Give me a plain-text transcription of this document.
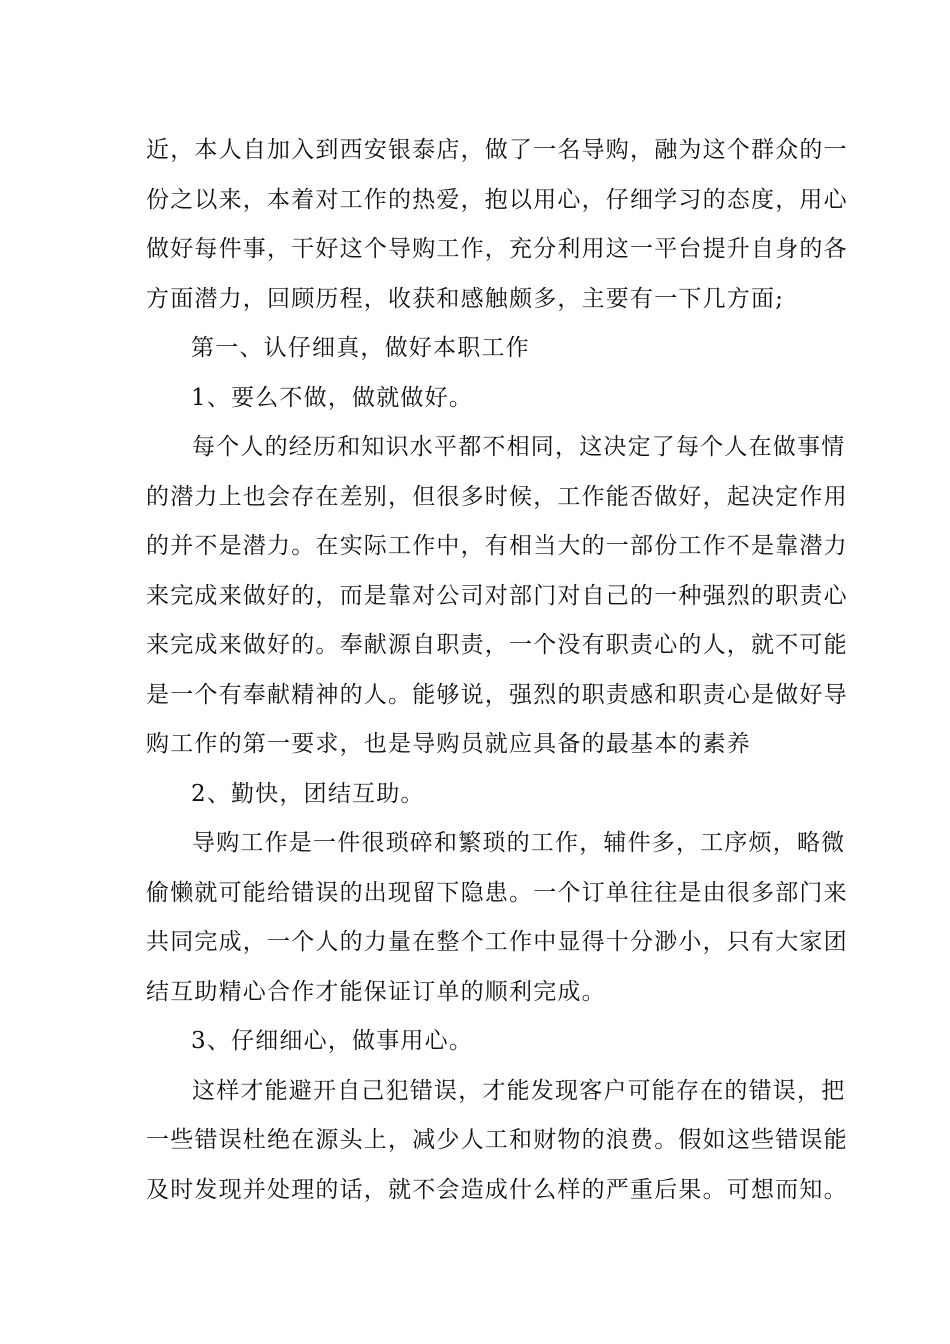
近，本人自加入到西安银泰店，做了一名导购，融为这个群众的一
份之以来，本着对工作的热爱，抱以用心，仔细学习的态度，用心
做好每件事，干好这个导购工作，充分利用这一平台提升自身的各
方面潜力，回顾历程，收获和感触颇多，主要有一下几方面;
第一、认仔细真，做好本职工作
1、要么不做，做就做好。
每个人的经历和知识水平都不相同，这决定了每个人在做事情
的潜力上也会存在差别，但很多时候，工作能否做好，起决定作用
的并不是潜力。在实际工作中，有相当大的一部份工作不是靠潜力
来完成来做好的，而是靠对公司对部门对自己的一种强烈的职责心
来完成来做好的。奉献源自职责，一个没有职责心的人，就不可能
是一个有奉献精神的人。能够说，强烈的职责感和职责心是做好导
购工作的第一要求，也是导购员就应具备的最基本的素养
2、勤快，团结互助。
导购工作是一件很琐碎和繁琐的工作，辅件多，工序烦，略微
偷懒就可能给错误的出现留下隐患。一个订单往往是由很多部门来
共同完成，一个人的力量在整个工作中显得十分渺小，只有大家团
结互助精心合作才能保证订单的顺利完成。
3、仔细细心，做事用心。
这样才能避开自己犯错误，才能发现客户可能存在的错误，把
一些错误杜绝在源头上，减少人工和财物的浪费。假如这些错误能
及时发现并处理的话，就不会造成什么样的严重后果。可想而知。
